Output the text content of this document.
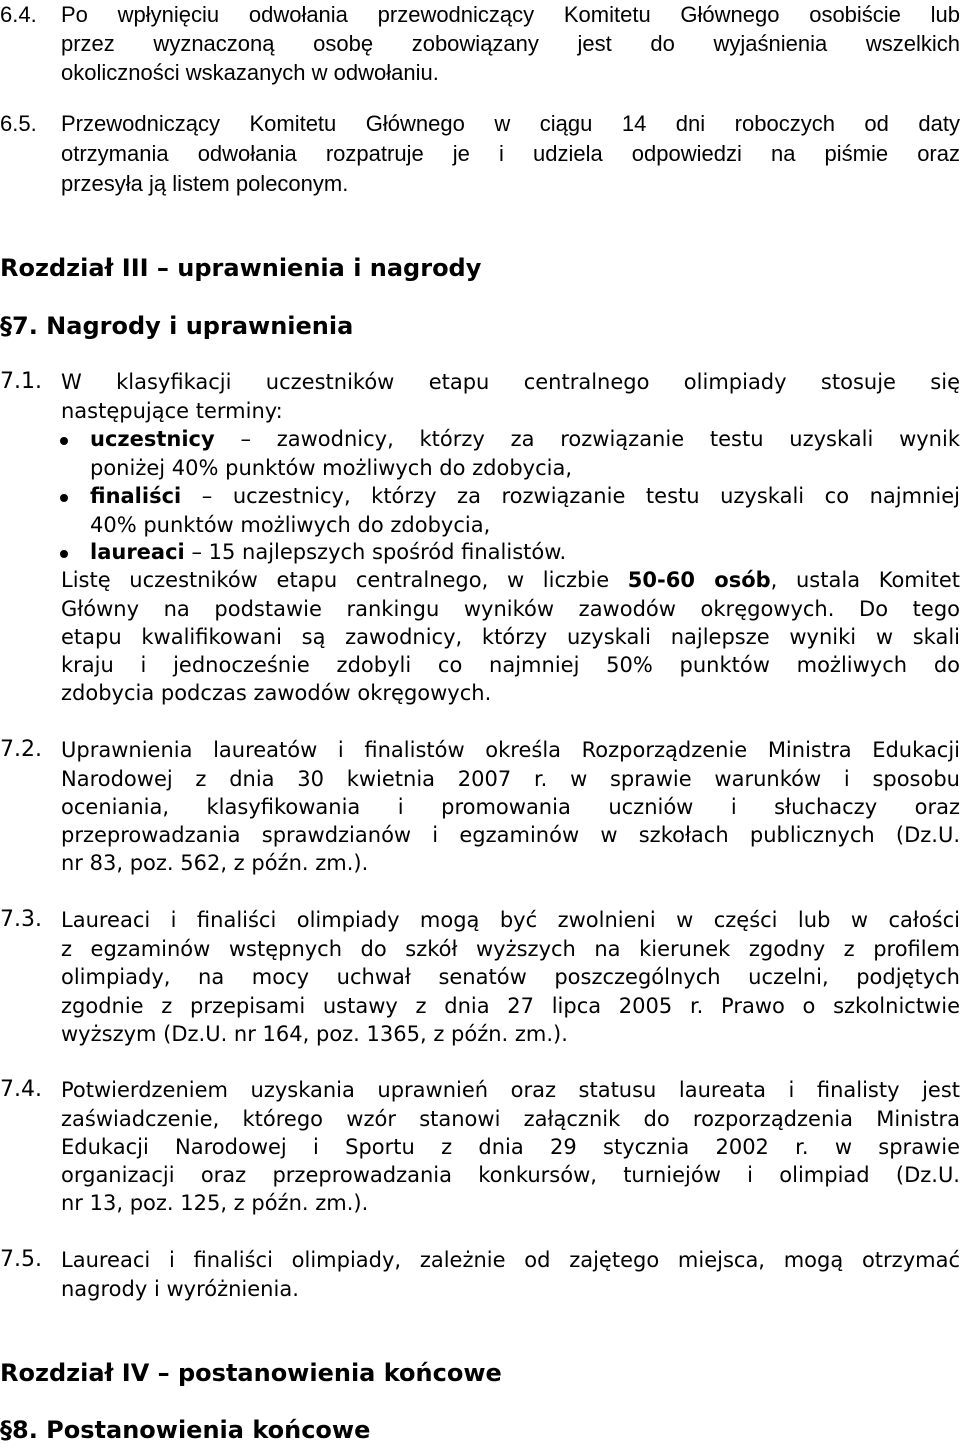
6.4. Po wpłynięciu odwołania przewodniczący Komitetu Głównego osobiście lub
przez wyznaczoną osobę zobowiązany jest do wyjaśnienia wszelkich
okoliczności wskazanych w odwołaniu.
6.5. Przewodniczący Komitetu Głównego w ciągu 14 dni roboczych od daty
otrzymania odwołania rozpatruje je i udziela odpowiedzi na piśmie oraz
przesyła ją listem poleconym.
Rozdział III – uprawnienia i nagrody
§7. Nagrody i uprawnienia
7.1. W klasyfikacji uczestników etapu centralnego olimpiady stosuje się
następujące terminy:
uczestnicy – zawodnicy, którzy za rozwiązanie testu uzyskali wynik
poniżej 40% punktów możliwych do zdobycia,
finaliści – uczestnicy, którzy za rozwiązanie testu uzyskali co najmniej
40% punktów możliwych do zdobycia,
laureaci – 15 najlepszych spośród finalistów.
Listę uczestników etapu centralnego, w liczbie 50-60 osób, ustala Komitet
Główny na podstawie rankingu wyników zawodów okręgowych. Do tego
etapu kwalifikowani są zawodnicy, którzy uzyskali najlepsze wyniki w skali
kraju i jednocześnie zdobyli co najmniej 50% punktów możliwych do
zdobycia podczas zawodów okręgowych.
7.2. Uprawnienia laureatów i finalistów określa Rozporządzenie Ministra Edukacji
Narodowej z dnia 30 kwietnia 2007 r. w sprawie warunków i sposobu
oceniania, klasyfikowania i promowania uczniów i słuchaczy oraz
przeprowadzania sprawdzianów i egzaminów w szkołach publicznych (Dz.U.
nr 83, poz. 562, z późn. zm.).
7.3. Laureaci i finaliści olimpiady mogą być zwolnieni w części lub w całości
z egzaminów wstępnych do szkół wyższych na kierunek zgodny z profilem
olimpiady, na mocy uchwał senatów poszczególnych uczelni, podjętych
zgodnie z przepisami ustawy z dnia 27 lipca 2005 r. Prawo o szkolnictwie
wyższym (Dz.U. nr 164, poz. 1365, z późn. zm.).
7.4. Potwierdzeniem uzyskania uprawnień oraz statusu laureata i finalisty jest
zaświadczenie, którego wzór stanowi załącznik do rozporządzenia Ministra
Edukacji Narodowej i Sportu z dnia 29 stycznia 2002 r. w sprawie
organizacji oraz przeprowadzania konkursów, turniejów i olimpiad (Dz.U.
nr 13, poz. 125, z późn. zm.).
7.5. Laureaci i finaliści olimpiady, zależnie od zajętego miejsca, mogą otrzymać
nagrody i wyróżnienia.
Rozdział IV – postanowienia końcowe
§8. Postanowienia końcowe
